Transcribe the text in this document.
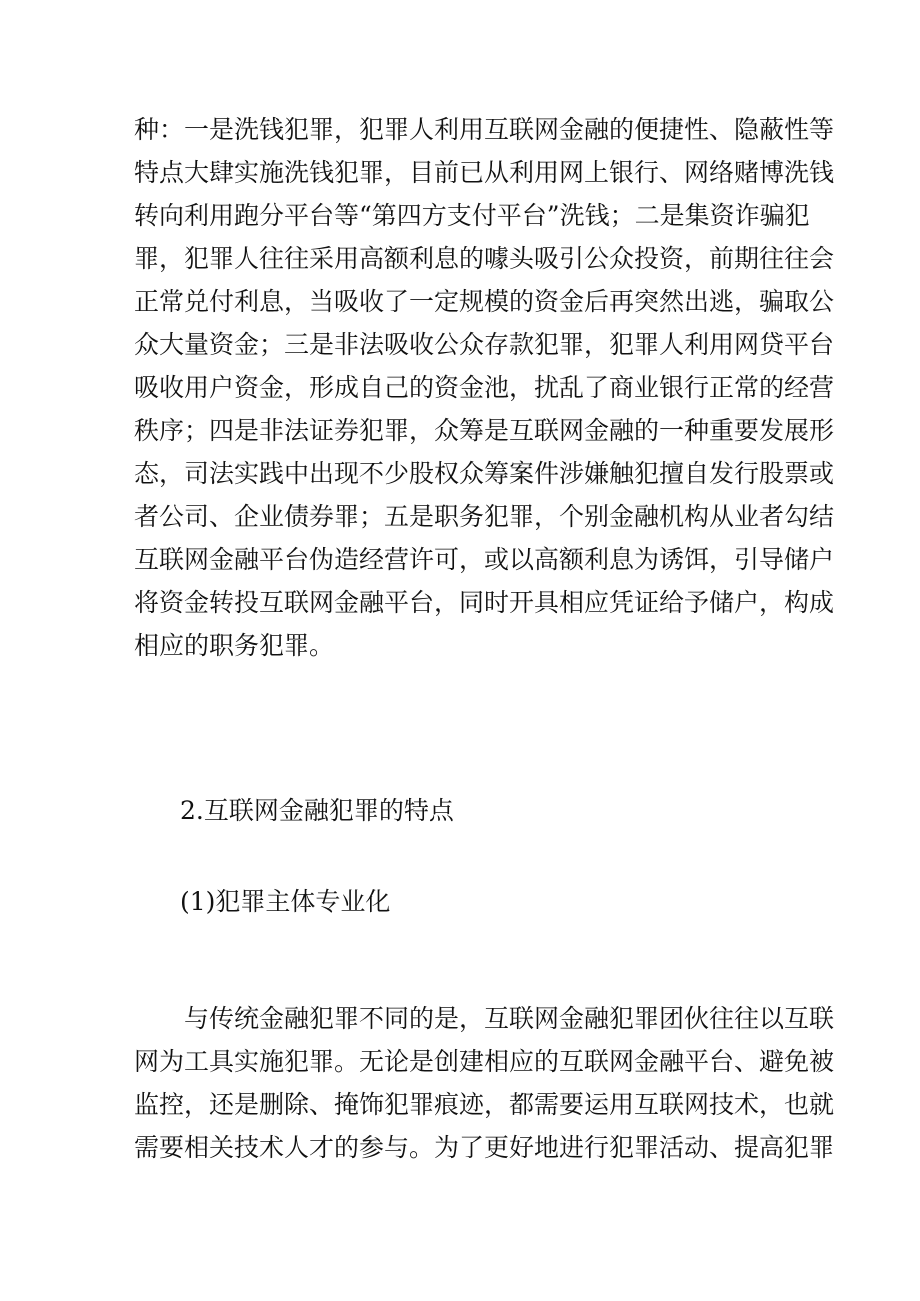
种：一是洗钱犯罪，犯罪人利用互联网金融的便捷性、隐蔽性等
特点大肆实施洗钱犯罪，目前已从利用网上银行、网络赌博洗钱
转向利用跑分平台等“第四方支付平台”洗钱；二是集资诈骗犯
罪，犯罪人往往采用高额利息的噱头吸引公众投资，前期往往会
正常兑付利息，当吸收了一定规模的资金后再突然出逃，骗取公
众大量资金；三是非法吸收公众存款犯罪，犯罪人利用网贷平台
吸收用户资金，形成自己的资金池，扰乱了商业银行正常的经营
秩序；四是非法证券犯罪，众筹是互联网金融的一种重要发展形
态，司法实践中出现不少股权众筹案件涉嫌触犯擅自发行股票或
者公司、企业债券罪；五是职务犯罪，个别金融机构从业者勾结
互联网金融平台伪造经营许可，或以高额利息为诱饵，引导储户
将资金转投互联网金融平台，同时开具相应凭证给予储户，构成
相应的职务犯罪。
2.互联网金融犯罪的特点
(1)犯罪主体专业化
与传统金融犯罪不同的是，互联网金融犯罪团伙往往以互联
网为工具实施犯罪。无论是创建相应的互联网金融平台、避免被
监控，还是删除、掩饰犯罪痕迹，都需要运用互联网技术，也就
需要相关技术人才的参与。为了更好地进行犯罪活动、提高犯罪
